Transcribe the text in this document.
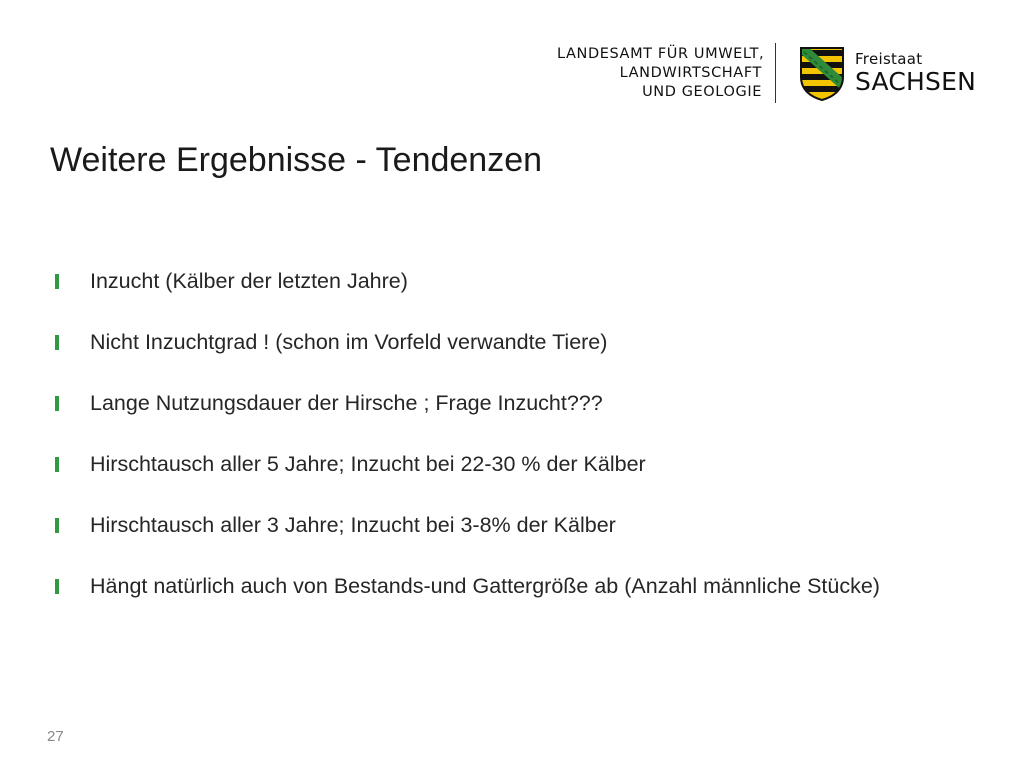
LANDESAMT FÜR UMWELT,
LANDWIRTSCHAFT
UND GEOLOGIE
Freistaat
SACHSEN
Weitere Ergebnisse - Tendenzen
Inzucht (Kälber der letzten Jahre)
Nicht Inzuchtgrad ! (schon im Vorfeld verwandte Tiere)
Lange Nutzungsdauer der Hirsche ; Frage Inzucht???
Hirschtausch aller 5 Jahre; Inzucht bei 22-30 % der Kälber
Hirschtausch aller 3 Jahre; Inzucht bei 3-8% der Kälber
Hängt natürlich auch von Bestands-und Gattergröße ab (Anzahl männliche Stücke)
27
